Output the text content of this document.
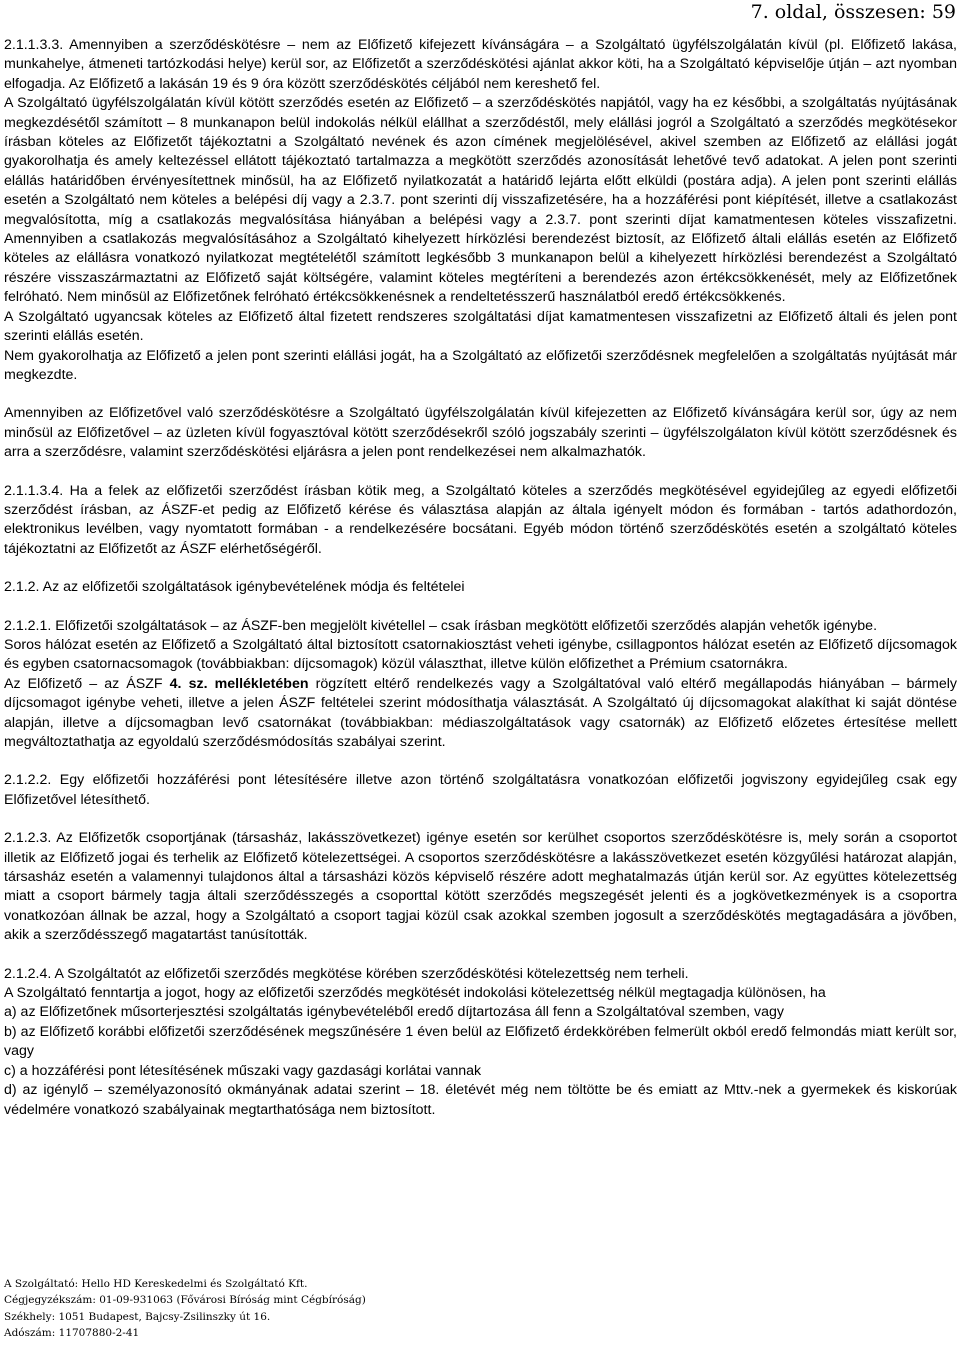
7. oldal, összesen: 59

2.1.1.3.3. Amennyiben a szerződéskötésre – nem az Előfizető kifejezett kívánságára – a Szolgáltató ügyfélszolgálatán kívül (pl. Előfizető lakása, munkahelye, átmeneti tartózkodási helye) kerül sor, az Előfizetőt a szerződéskötési ajánlat akkor köti, ha a Szolgáltató képviselője útján – azt nyomban elfogadja. Az Előfizető a lakásán 19 és 9 óra között szerződéskötés céljából nem kereshető fel.

A Szolgáltató ügyfélszolgálatán kívül kötött szerződés esetén az Előfizető – a szerződéskötés napjától, vagy ha ez későbbi, a szolgáltatás nyújtásának megkezdésétől számított – 8 munkanapon belül indokolás nélkül elállhat a szerződéstől, mely elállási jogról a Szolgáltató a szerződés megkötésekor írásban köteles az Előfizetőt tájékoztatni a Szolgáltató nevének és azon címének megjelölésével, akivel szemben az Előfizető az elállási jogát gyakorolhatja és amely keltezéssel ellátott tájékoztató tartalmazza a megkötött szerződés azonosítását lehetővé tevő adatokat. A jelen pont szerinti elállás határidőben érvényesítettnek minősül, ha az Előfizető nyilatkozatát a határidő lejárta előtt elküldi (postára adja). A jelen pont szerinti elállás esetén a Szolgáltató nem köteles a belépési díj vagy a 2.3.7. pont szerinti díj visszafizetésére, ha a hozzáférési pont kiépítését, illetve a csatlakozást megvalósította, míg a csatlakozás megvalósítása hiányában a belépési vagy a 2.3.7. pont szerinti díjat kamatmentesen köteles visszafizetni. Amennyiben a csatlakozás megvalósításához a Szolgáltató kihelyezett hírközlési berendezést biztosít, az Előfizető általi elállás esetén az Előfizető köteles az elállásra vonatkozó nyilatkozat megtételétől számított legkésőbb 3 munkanapon belül a kihelyezett hírközlési berendezést a Szolgáltató részére visszaszármaztatni az Előfizető saját költségére, valamint köteles megtéríteni a berendezés azon értékcsökkenését, mely az Előfizetőnek felróható. Nem minősül az Előfizetőnek felróható értékcsökkenésnek a rendeltetésszerű használatból eredő értékcsökkenés.

A Szolgáltató ugyancsak köteles az Előfizető által fizetett rendszeres szolgáltatási díjat kamatmentesen visszafizetni az Előfizető általi és jelen pont szerinti elállás esetén.

Nem gyakorolhatja az Előfizető a jelen pont szerinti elállási jogát, ha a Szolgáltató az előfizetői szerződésnek megfelelően a szolgáltatás nyújtását már megkezdte.

Amennyiben az Előfizetővel való szerződéskötésre a Szolgáltató ügyfélszolgálatán kívül kifejezetten az Előfizető kívánságára kerül sor, úgy az nem minősül az Előfizetővel – az üzleten kívül fogyasztóval kötött szerződésekről szóló jogszabály szerinti – ügyfélszolgálaton kívül kötött szerződésnek és arra a szerződésre, valamint szerződéskötési eljárásra a jelen pont rendelkezései nem alkalmazhatók.

2.1.1.3.4. Ha a felek az előfizetői szerződést írásban kötik meg, a Szolgáltató köteles a szerződés megkötésével egyidejűleg az egyedi előfizetői szerződést írásban, az ÁSZF-et pedig az Előfizető kérése és választása alapján az általa igényelt módon és formában - tartós adathordozón, elektronikus levélben, vagy nyomtatott formában - a rendelkezésére bocsátani. Egyéb módon történő szerződéskötés esetén a szolgáltató köteles tájékoztatni az Előfizetőt az ÁSZF elérhetőségéről.

2.1.2. Az az előfizetői szolgáltatások igénybevételének módja és feltételei

2.1.2.1. Előfizetői szolgáltatások – az ÁSZF-ben megjelölt kivétellel – csak írásban megkötött előfizetői szerződés alapján vehetők igénybe.

Soros hálózat esetén az Előfizető a Szolgáltató által biztosított csatornakiosztást veheti igénybe, csillagpontos hálózat esetén az Előfizető díjcsomagok és egyben csatornacsomagok (továbbiakban: díjcsomagok) közül választhat, illetve külön előfizethet a Prémium csatornákra.

Az Előfizető – az ÁSZF 4. sz. mellékletében rögzített eltérő rendelkezés vagy a Szolgáltatóval való eltérő megállapodás hiányában – bármely díjcsomagot igénybe veheti, illetve a jelen ÁSZF feltételei szerint módosíthatja választását. A Szolgáltató új díjcsomagokat alakíthat ki saját döntése alapján, illetve a díjcsomagban levő csatornákat (továbbiakban: médiaszolgáltatások vagy csatornák) az Előfizető előzetes értesítése mellett megváltoztathatja az egyoldalú szerződésmódosítás szabályai szerint.

2.1.2.2. Egy előfizetői hozzáférési pont létesítésére illetve azon történő szolgáltatásra vonatkozóan előfizetői jogviszony egyidejűleg csak egy Előfizetővel létesíthető.

2.1.2.3. Az Előfizetők csoportjának (társasház, lakásszövetkezet) igénye esetén sor kerülhet csoportos szerződéskötésre is, mely során a csoportot illetik az Előfizető jogai és terhelik az Előfizető kötelezettségei. A csoportos szerződéskötésre a lakásszövetkezet esetén közgyűlési határozat alapján, társasház esetén a valamennyi tulajdonos által a társasházi közös képviselő részére adott meghatalmazás útján kerül sor. Az együttes kötelezettség miatt a csoport bármely tagja általi szerződésszegés a csoporttal kötött szerződés megszegését jelenti és a jogkövetkezmények is a csoportra vonatkozóan állnak be azzal, hogy a Szolgáltató a csoport tagjai közül csak azokkal szemben jogosult a szerződéskötés megtagadására a jövőben, akik a szerződésszegő magatartást tanúsították.

2.1.2.4. A Szolgáltatót az előfizetői szerződés megkötése körében szerződéskötési kötelezettség nem terheli.

A Szolgáltató fenntartja a jogot, hogy az előfizetői szerződés megkötését indokolási kötelezettség nélkül megtagadja különösen, ha

a) az Előfizetőnek műsorterjesztési szolgáltatás igénybevételéből eredő díjtartozása áll fenn a Szolgáltatóval szemben, vagy

b) az Előfizető korábbi előfizetői szerződésének megszűnésére 1 éven belül az Előfizető érdekkörében felmerült okból eredő felmondás miatt került sor, vagy

c) a hozzáférési pont létesítésének műszaki vagy gazdasági korlátai vannak

d) az igénylő – személyazonosító okmányának adatai szerint – 18. életévét még nem töltötte be és emiatt az Mttv.-nek a gyermekek és kiskorúak védelmére vonatkozó szabályainak megtarthatósága nem biztosított.

A Szolgáltató: Hello HD Kereskedelmi és Szolgáltató Kft.
Cégjegyzékszám: 01-09-931063 (Fővárosi Bíróság mint Cégbíróság)
Székhely: 1051 Budapest, Bajcsy-Zsilinszky út 16.
Adószám: 11707880-2-41
